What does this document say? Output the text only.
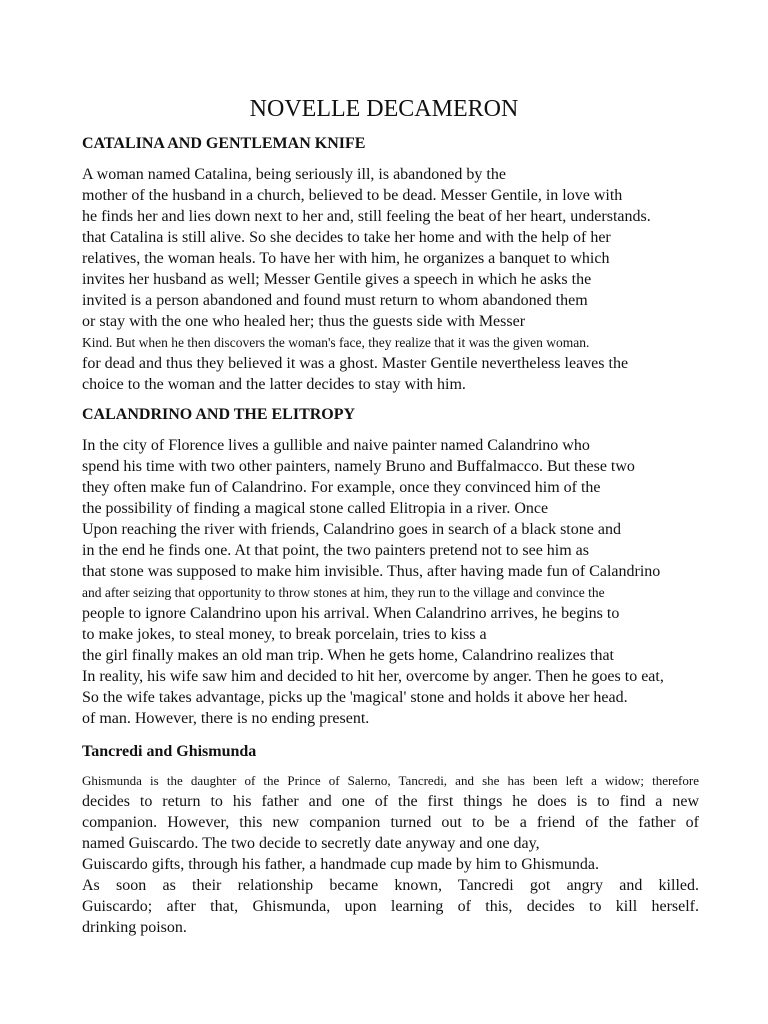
NOVELLE DECAMERON
CATALINA AND GENTLEMAN KNIFE
A woman named Catalina, being seriously ill, is abandoned by the
mother of the husband in a church, believed to be dead. Messer Gentile, in love with
he finds her and lies down next to her and, still feeling the beat of her heart, understands.
that Catalina is still alive. So she decides to take her home and with the help of her
relatives, the woman heals. To have her with him, he organizes a banquet to which
invites her husband as well; Messer Gentile gives a speech in which he asks the
invited is a person abandoned and found must return to whom abandoned them
or stay with the one who healed her; thus the guests side with Messer
Kind. But when he then discovers the woman's face, they realize that it was the given woman.
for dead and thus they believed it was a ghost. Master Gentile nevertheless leaves the
choice to the woman and the latter decides to stay with him.
CALANDRINO AND THE ELITROPY
In the city of Florence lives a gullible and naive painter named Calandrino who
spend his time with two other painters, namely Bruno and Buffalmacco. But these two
they often make fun of Calandrino. For example, once they convinced him of the
the possibility of finding a magical stone called Elitropia in a river. Once
Upon reaching the river with friends, Calandrino goes in search of a black stone and
in the end he finds one. At that point, the two painters pretend not to see him as
that stone was supposed to make him invisible. Thus, after having made fun of Calandrino
and after seizing that opportunity to throw stones at him, they run to the village and convince the
people to ignore Calandrino upon his arrival. When Calandrino arrives, he begins to
to make jokes, to steal money, to break porcelain, tries to kiss a
the girl finally makes an old man trip. When he gets home, Calandrino realizes that
In reality, his wife saw him and decided to hit her, overcome by anger. Then he goes to eat,
So the wife takes advantage, picks up the 'magical' stone and holds it above her head.
of man. However, there is no ending present.
Tancredi and Ghismunda
Ghismunda is the daughter of the Prince of Salerno, Tancredi, and she has been left a widow; therefore
decides to return to his father and one of the first things he does is to find a new
companion. However, this new companion turned out to be a friend of the father of
named Guiscardo. The two decide to secretly date anyway and one day,
Guiscardo gifts, through his father, a handmade cup made by him to Ghismunda.
As soon as their relationship became known, Tancredi got angry and killed.
Guiscardo; after that, Ghismunda, upon learning of this, decides to kill herself.
drinking poison.
